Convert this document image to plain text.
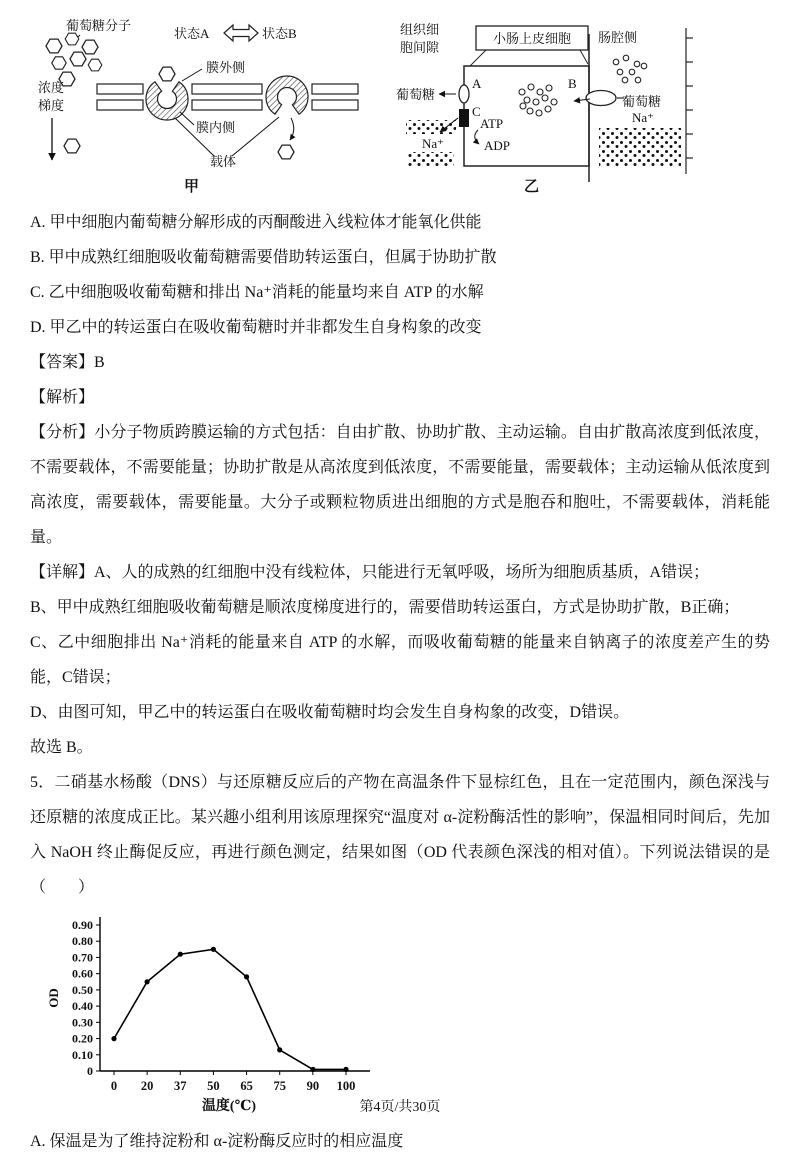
葡萄糖分子
状态A	状态B
膜外侧
膜内侧
浓度
梯度
载体
甲
组织细
胞间隙
小肠上皮细胞 肠腔侧
A
葡萄糖
C
ATP
ADP
Na⁺
B
葡萄糖
Na⁺
乙

A. 甲中细胞内葡萄糖分解形成的丙酮酸进入线粒体才能氧化供能

B. 甲中成熟红细胞吸收葡萄糖需要借助转运蛋白，但属于协助扩散

C. 乙中细胞吸收葡萄糖和排出 Na⁺消耗的能量均来自 ATP 的水解

D. 甲乙中的转运蛋白在吸收葡萄糖时并非都发生自身构象的改变

【答案】B

【解析】

【分析】小分子物质跨膜运输的方式包括：自由扩散、协助扩散、主动运输。自由扩散高浓度到低浓度，不需要载体，不需要能量；协助扩散是从高浓度到低浓度，不需要能量，需要载体；主动运输从低浓度到高浓度，需要载体，需要能量。大分子或颗粒物质进出细胞的方式是胞吞和胞吐，不需要载体，消耗能量。

【详解】A、人的成熟的红细胞中没有线粒体，只能进行无氧呼吸，场所为细胞质基质，A错误；

B、甲中成熟红细胞吸收葡萄糖是顺浓度梯度进行的，需要借助转运蛋白，方式是协助扩散，B正确；

C、乙中细胞排出 Na⁺消耗的能量来自 ATP 的水解，而吸收葡萄糖的能量来自钠离子的浓度差产生的势能，C错误；

D、由图可知，甲乙中的转运蛋白在吸收葡萄糖时均会发生自身构象的改变，D错误。

故选 B。

5．二硝基水杨酸（DNS）与还原糖反应后的产物在高温条件下显棕红色，且在一定范围内，颜色深浅与还原糖的浓度成正比。某兴趣小组利用该原理探究“温度对 α-淀粉酶活性的影响”，保温相同时间后，先加入 NaOH 终止酶促反应，再进行颜色测定，结果如图（OD 代表颜色深浅的相对值）。下列说法错误的是（　　）

0
0.10
0.20
0.30
0.40
0.50
0.60
0.70
0.80
0.90
0 20 37 50 65 75 90 100
OD
温度(℃)

A. 保温是为了维持淀粉和 α-淀粉酶反应时的相应温度

第4页/共30页
